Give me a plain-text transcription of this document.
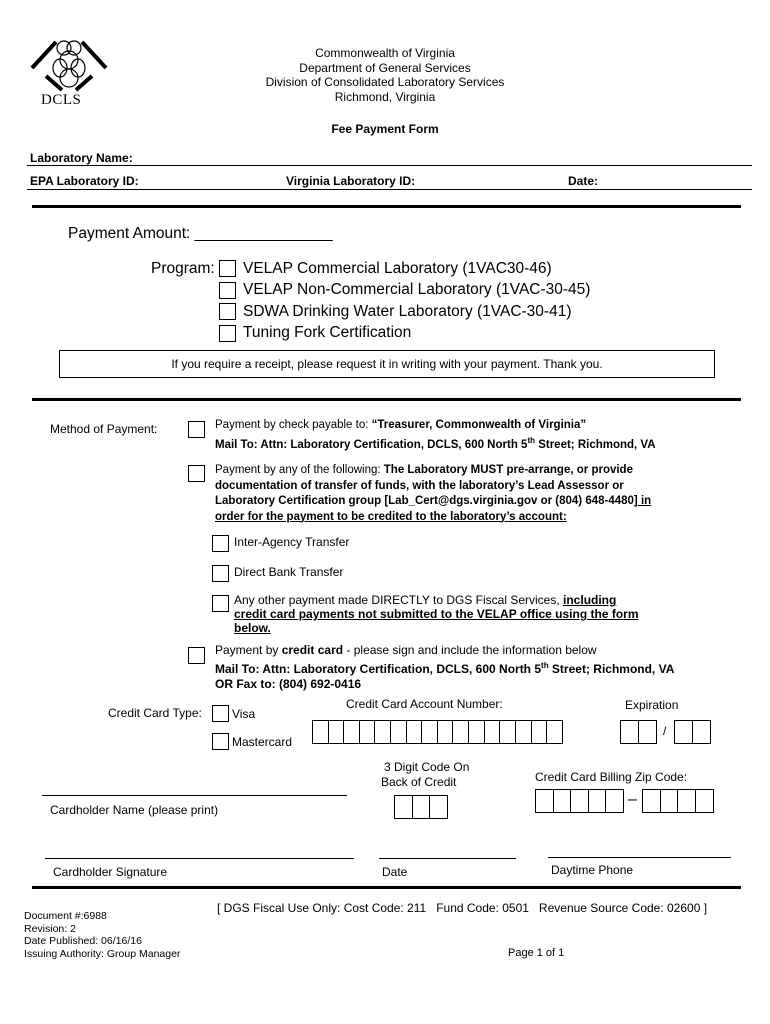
DCLS
Commonwealth of Virginia
Department of General Services
Division of Consolidated Laboratory Services
Richmond, Virginia
Fee Payment Form
Laboratory Name:
EPA Laboratory ID:	Virginia Laboratory ID:	Date:
Payment Amount: ________________
Program: VELAP Commercial Laboratory (1VAC30-46)
VELAP Non-Commercial Laboratory (1VAC-30-45)
SDWA Drinking Water Laboratory (1VAC-30-41)
Tuning Fork Certification
If you require a receipt, please request it in writing with your payment. Thank you.
Method of Payment:	Payment by check payable to: “Treasurer, Commonwealth of Virginia”
Mail To: Attn: Laboratory Certification, DCLS, 600 North 5th Street; Richmond, VA
Payment by any of the following: The Laboratory MUST pre-arrange, or provide
documentation of transfer of funds, with the laboratory’s Lead Assessor or
Laboratory Certification group [Lab_Cert@dgs.virginia.gov or (804) 648-4480] in
order for the payment to be credited to the laboratory’s account:
Inter-Agency Transfer
Direct Bank Transfer
Any other payment made DIRECTLY to DGS Fiscal Services, including
credit card payments not submitted to the VELAP office using the form
below.
Payment by credit card - please sign and include the information below
Mail To: Attn: Laboratory Certification, DCLS, 600 North 5th Street; Richmond, VA
OR Fax to: (804) 692-0416
Credit Card Type:	Visa
Mastercard
Credit Card Account Number:	Expiration
/
3 Digit Code On
Back of Credit	Credit Card Billing Zip Code:
–
Cardholder Name (please print)
Cardholder Signature	Date	Daytime Phone
Document #:6988
Revision: 2
Date Published: 06/16/16
Issuing Authority: Group Manager
[ DGS Fiscal Use Only: Cost Code: 211   Fund Code: 0501   Revenue Source Code: 02600 ]
Page 1 of 1
